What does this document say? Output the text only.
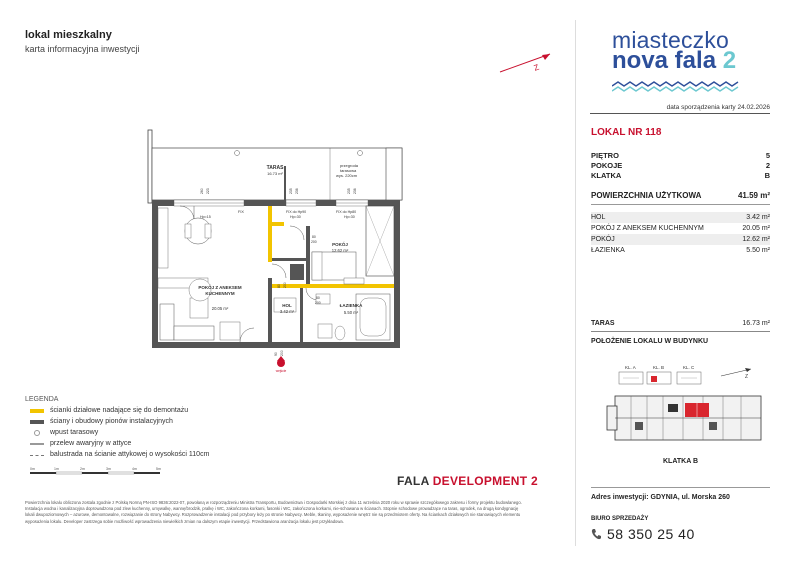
lokal mieszkalny
karta informacyjna inwestycji
Z
miasteczko
nova fala 2
data sporządzenia karty 24.02.2026
LOKAL NR 118
PIĘTRO	5
POKOJE	2
KLATKA	B
POWIERZCHNIA UŻYTKOWA	41.59 m²
HOL	3.42 m²
POKÓJ Z ANEKSEM KUCHENNYM	20.05 m²
POKÓJ	12.62 m²
ŁAZIENKA	5.50 m²
TARAS	16.73 m²
POŁOŻENIE LOKALU W BUDYNKU
KL. A	KL. B	KL. C
Z
KLATKA B
Adres inwestycji: GDYNIA, ul. Morska 260
BIURO SPRZEDAŻY
58 350 25 40
TARAS
16.73 m²
przegroda
tarasowa
wys. 220cm
POKÓJ Z ANEKSEM
KUCHENNYM
20.05 m²
POKÓJ
12.62 m²
HOL
3.42 m²
ŁAZIENKA
5.50 m²
FIX	FIX do Hp90	FIX do Hp80
Hp=15	Hp=30	Hp=30
260 223	235 236	235 236
80 200
80
200
80
200
90 200
wejście
LEGENDA
ścianki działowe nadające się do demontażu
ściany i obudowy pionów instalacyjnych
wpust tarasowy
przelew awaryjny w attyce
balustrada na ścianie attykowej o wysokości 110cm
0m	1m	2m	3m	4m	5m
FALA DEVELOPMENT 2
Powierzchnia lokalu obliczona zostala zgodnie z Polską Normą PN-ISO 9836:2022-07, powołaną w rozporządzeniu Ministra Transportu, Budownictwa i Gospodarki Morskiej z dnia 11 września 2020 roku w sprawie szczegółowego zakresu i formy projektu budowlanego. Instalacja wodna i kanalizacyjna doprowadzona pod zlew kuchenny, umywalkę, wannę/brodzik, pralkę i WC, zakończona korkami, fasonki i WC, zakończona korkami, nie-schowana w ścianach. Stopnie schodowe prowadzące na taras, ogrodek, na drugą kondygnację lokali dwupoziomowych – azurowe, demontowalne, rozwiązanie do strony Nabywcy. Rozprowadzenie instalacji pod przybory leży po stronie Nabywcy. Meble, tkaniny, wyposażenie wnętrz nie są przedmiotem oferty. Na ściankach działowych nie stanowiących elementu wyposażenia lokalu. Developer zastrzega sobie możliwość wprowadzenia niewielkich zmian na dalszym etapie inwestycji. Przedstawiona aranżacja lokalu jest przykładowa.
